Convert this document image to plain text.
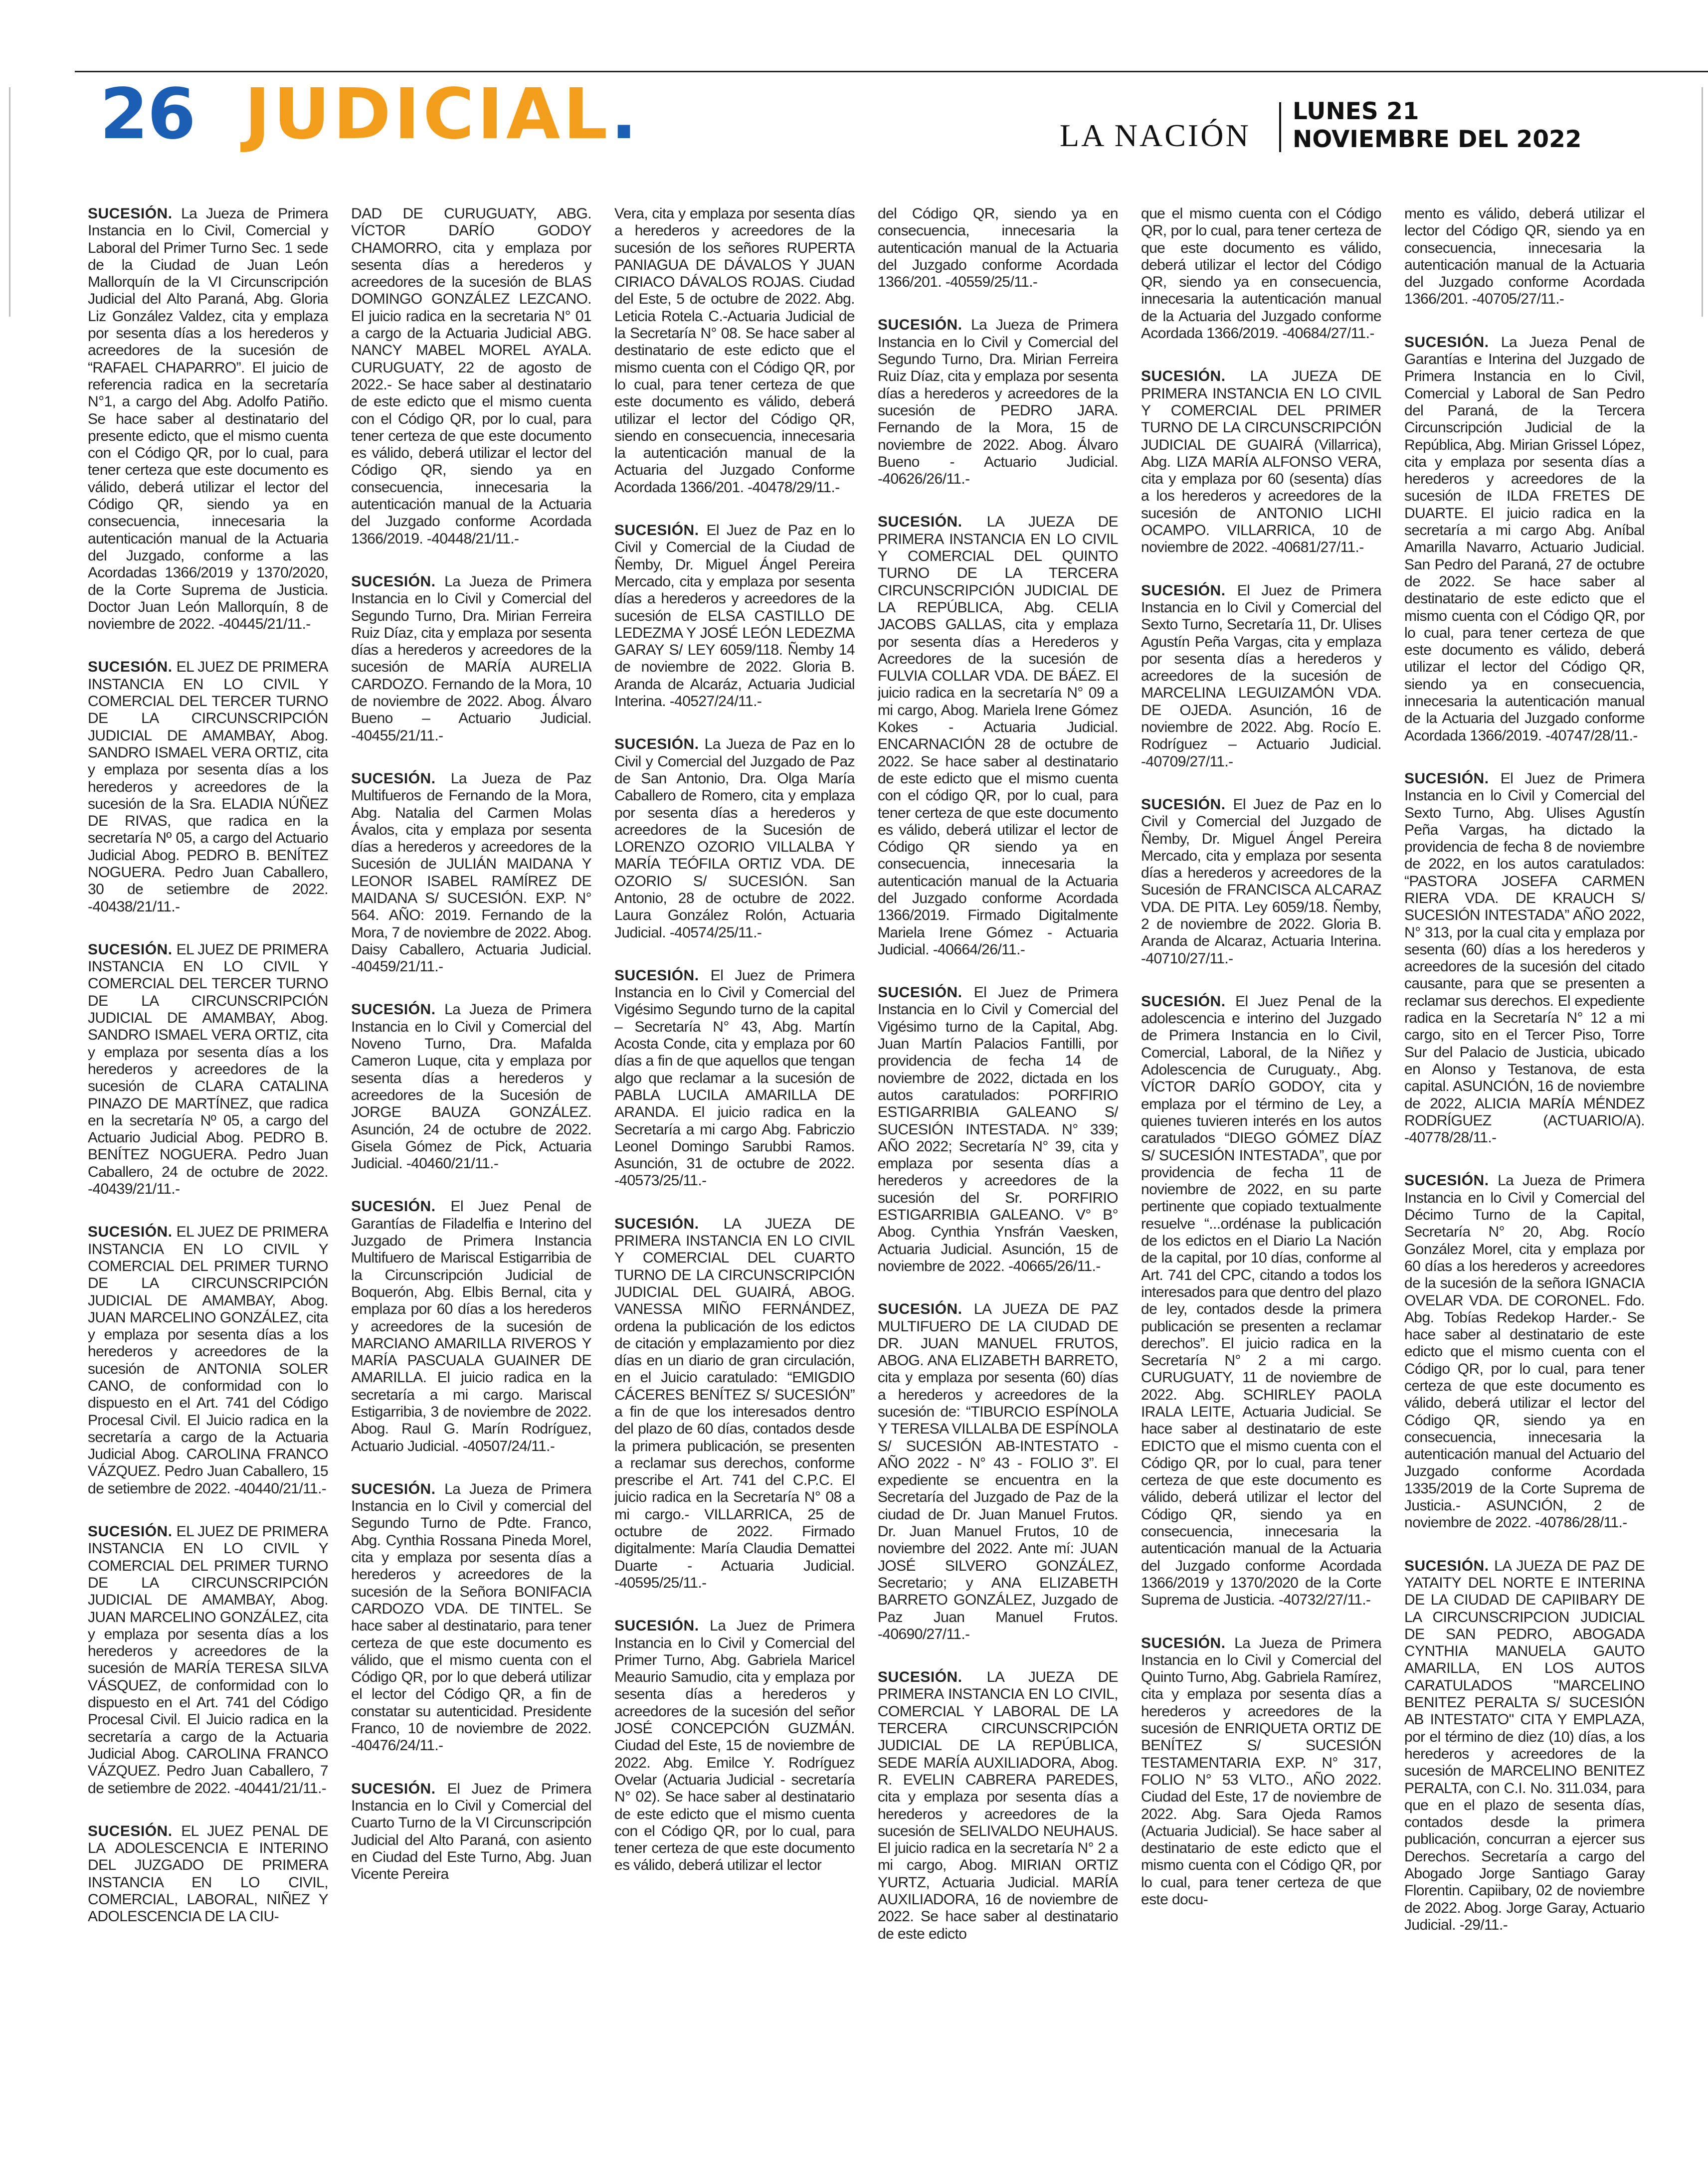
26 JUDICIAL.	LA NACIÓN
LUNES 21
NOVIEMBRE DEL 2022

SUCESIÓN. La Jueza de Primera Instancia en lo Civil, Comercial y Laboral del Primer Turno Sec. 1 sede de la Ciudad de Juan León Mallorquín de la VI Circunscripción Judicial del Alto Paraná, Abg. Gloria Liz González Valdez, cita y emplaza por sesenta días a los herederos y acreedores de la sucesión de “RAFAEL CHAPARRO”. El juicio de referencia radica en la secretaría N°1, a cargo del Abg. Adolfo Patiño. Se hace saber al destinatario del presente edicto, que el mismo cuenta con el Código QR, por lo cual, para tener certeza que este documento es válido, deberá utilizar el lector del Código QR, siendo ya en consecuencia, innecesaria la autenticación manual de la Actuaria del Juzgado, conforme a las Acordadas 1366/2019 y 1370/2020, de la Corte Suprema de Justicia. Doctor Juan León Mallorquín, 8 de noviembre de 2022. -40445/21/11.-

SUCESIÓN. EL JUEZ DE PRIMERA INSTANCIA EN LO CIVIL Y COMERCIAL DEL TERCER TURNO DE LA CIRCUNSCRIPCIÓN JUDICIAL DE AMAMBAY, Abog. SANDRO ISMAEL VERA ORTIZ, cita y emplaza por sesenta días a los herederos y acreedores de la sucesión de la Sra. ELADIA NÚÑEZ DE RIVAS, que radica en la secretaría Nº 05, a cargo del Actuario Judicial Abog. PEDRO B. BENÍTEZ NOGUERA. Pedro Juan Caballero, 30 de setiembre de 2022. -40438/21/11.-

SUCESIÓN. EL JUEZ DE PRIMERA INSTANCIA EN LO CIVIL Y COMERCIAL DEL TERCER TURNO DE LA CIRCUNSCRIPCIÓN JUDICIAL DE AMAMBAY, Abog. SANDRO ISMAEL VERA ORTIZ, cita y emplaza por sesenta días a los herederos y acreedores de la sucesión de CLARA CATALINA PINAZO DE MARTÍNEZ, que radica en la secretaría Nº 05, a cargo del Actuario Judicial Abog. PEDRO B. BENÍTEZ NOGUERA. Pedro Juan Caballero, 24 de octubre de 2022. -40439/21/11.-

SUCESIÓN. EL JUEZ DE PRIMERA INSTANCIA EN LO CIVIL Y COMERCIAL DEL PRIMER TURNO DE LA CIRCUNSCRIPCIÓN JUDICIAL DE AMAMBAY, Abog. JUAN MARCELINO GONZÁLEZ, cita y emplaza por sesenta días a los herederos y acreedores de la sucesión de ANTONIA SOLER CANO, de conformidad con lo dispuesto en el Art. 741 del Código Procesal Civil. El Juicio radica en la secretaría a cargo de la Actuaria Judicial Abog. CAROLINA FRANCO VÁZQUEZ. Pedro Juan Caballero, 15 de setiembre de 2022. -40440/21/11.-

SUCESIÓN. EL JUEZ DE PRIMERA INSTANCIA EN LO CIVIL Y COMERCIAL DEL PRIMER TURNO DE LA CIRCUNSCRIPCIÓN JUDICIAL DE AMAMBAY, Abog. JUAN MARCELINO GONZÁLEZ, cita y emplaza por sesenta días a los herederos y acreedores de la sucesión de MARÍA TERESA SILVA VÁSQUEZ, de conformidad con lo dispuesto en el Art. 741 del Código Procesal Civil. El Juicio radica en la secretaría a cargo de la Actuaria Judicial Abog. CAROLINA FRANCO VÁZQUEZ. Pedro Juan Caballero, 7 de setiembre de 2022. -40441/21/11.-

SUCESIÓN. EL JUEZ PENAL DE LA ADOLESCENCIA E INTERINO DEL JUZGADO DE PRIMERA INSTANCIA EN LO CIVIL, COMERCIAL, LABORAL, NIÑEZ Y ADOLESCENCIA DE LA CIU-

DAD DE CURUGUATY, ABG. VÍCTOR DARÍO GODOY CHAMORRO, cita y emplaza por sesenta días a herederos y acreedores de la sucesión de BLAS DOMINGO GONZÁLEZ LEZCANO. El juicio radica en la secretaria N° 01 a cargo de la Actuaria Judicial ABG. NANCY MABEL MOREL AYALA. CURUGUATY, 22 de agosto de 2022.- Se hace saber al destinatario de este edicto que el mismo cuenta con el Código QR, por lo cual, para tener certeza de que este documento es válido, deberá utilizar el lector del Código QR, siendo ya en consecuencia, innecesaria la autenticación manual de la Actuaria del Juzgado conforme Acordada 1366/2019. -40448/21/11.-

SUCESIÓN. La Jueza de Primera Instancia en lo Civil y Comercial del Segundo Turno, Dra. Mirian Ferreira Ruiz Díaz, cita y emplaza por sesenta días a herederos y acreedores de la sucesión de MARÍA AURELIA CARDOZO. Fernando de la Mora, 10 de noviembre de 2022. Abog. Álvaro Bueno – Actuario Judicial. -40455/21/11.-

SUCESIÓN. La Jueza de Paz Multifueros de Fernando de la Mora, Abg. Natalia del Carmen Molas Ávalos, cita y emplaza por sesenta días a herederos y acreedores de la Sucesión de JULIÁN MAIDANA Y LEONOR ISABEL RAMÍREZ DE MAIDANA S/ SUCESIÓN. EXP. N° 564. AÑO: 2019. Fernando de la Mora, 7 de noviembre de 2022. Abog. Daisy Caballero, Actuaria Judicial. -40459/21/11.-

SUCESIÓN. La Jueza de Primera Instancia en lo Civil y Comercial del Noveno Turno, Dra. Mafalda Cameron Luque, cita y emplaza por sesenta días a herederos y acreedores de la Sucesión de JORGE BAUZA GONZÁLEZ. Asunción, 24 de octubre de 2022. Gisela Gómez de Pick, Actuaria Judicial. -40460/21/11.-

SUCESIÓN. El Juez Penal de Garantías de Filadelfia e Interino del Juzgado de Primera Instancia Multifuero de Mariscal Estigarribia de la Circunscripción Judicial de Boquerón, Abg. Elbis Bernal, cita y emplaza por 60 días a los herederos y acreedores de la sucesión de MARCIANO AMARILLA RIVEROS Y MARÍA PASCUALA GUAINER DE AMARILLA. El juicio radica en la secretaría a mi cargo. Mariscal Estigarribia, 3 de noviembre de 2022. Abog. Raul G. Marín Rodríguez, Actuario Judicial. -40507/24/11.-

SUCESIÓN. La Jueza de Primera Instancia en lo Civil y comercial del Segundo Turno de Pdte. Franco, Abg. Cynthia Rossana Pineda Morel, cita y emplaza por sesenta días a herederos y acreedores de la sucesión de la Señora BONIFACIA CARDOZO VDA. DE TINTEL. Se hace saber al destinatario, para tener certeza de que este documento es válido, que el mismo cuenta con el Código QR, por lo que deberá utilizar el lector del Código QR, a fin de constatar su autenticidad. Presidente Franco, 10 de noviembre de 2022. -40476/24/11.-

SUCESIÓN. El Juez de Primera Instancia en lo Civil y Comercial del Cuarto Turno de la VI Circunscripción Judicial del Alto Paraná, con asiento en Ciudad del Este Turno, Abg. Juan Vicente Pereira

Vera, cita y emplaza por sesenta días a herederos y acreedores de la sucesión de los señores RUPERTA PANIAGUA DE DÁVALOS Y JUAN CIRIACO DÁVALOS ROJAS. Ciudad del Este, 5 de octubre de 2022. Abg. Leticia Rotela C.-Actuaria Judicial de la Secretaría N° 08. Se hace saber al destinatario de este edicto que el mismo cuenta con el Código QR, por lo cual, para tener certeza de que este documento es válido, deberá utilizar el lector del Código QR, siendo en consecuencia, innecesaria la autenticación manual de la Actuaria del Juzgado Conforme Acordada 1366/201. -40478/29/11.-

SUCESIÓN. El Juez de Paz en lo Civil y Comercial de la Ciudad de Ñemby, Dr. Miguel Ángel Pereira Mercado, cita y emplaza por sesenta días a herederos y acreedores de la sucesión de ELSA CASTILLO DE LEDEZMA Y JOSÉ LEÓN LEDEZMA GARAY S/ LEY 6059/118. Ñemby 14 de noviembre de 2022. Gloria B. Aranda de Alcaráz, Actuaria Judicial Interina. -40527/24/11.-

SUCESIÓN. La Jueza de Paz en lo Civil y Comercial del Juzgado de Paz de San Antonio, Dra. Olga María Caballero de Romero, cita y emplaza por sesenta días a herederos y acreedores de la Sucesión de LORENZO OZORIO VILLALBA Y MARÍA TEÓFILA ORTIZ VDA. DE OZORIO S/ SUCESIÓN. San Antonio, 28 de octubre de 2022. Laura González Rolón, Actuaria Judicial. -40574/25/11.-

SUCESIÓN. El Juez de Primera Instancia en lo Civil y Comercial del Vigésimo Segundo turno de la capital – Secretaría N° 43, Abg. Martín Acosta Conde, cita y emplaza por 60 días a fin de que aquellos que tengan algo que reclamar a la sucesión de PABLA LUCILA AMARILLA DE ARANDA. El juicio radica en la Secretaría a mi cargo Abg. Fabriczio Leonel Domingo Sarubbi Ramos. Asunción, 31 de octubre de 2022. -40573/25/11.-

SUCESIÓN. LA JUEZA DE PRIMERA INSTANCIA EN LO CIVIL Y COMERCIAL DEL CUARTO TURNO DE LA CIRCUNSCRIPCIÓN JUDICIAL DEL GUAIRÁ, ABOG. VANESSA MIÑO FERNÁNDEZ, ordena la publicación de los edictos de citación y emplazamiento por diez días en un diario de gran circulación, en el Juicio caratulado: “EMIGDIO CÁCERES BENÍTEZ S/ SUCESIÓN” a fin de que los interesados dentro del plazo de 60 días, contados desde la primera publicación, se presenten a reclamar sus derechos, conforme prescribe el Art. 741 del C.P.C. El juicio radica en la Secretaría N° 08 a mi cargo.- VILLARRICA, 25 de octubre de 2022. Firmado digitalmente: María Claudia Demattei Duarte - Actuaria Judicial. -40595/25/11.-

SUCESIÓN. La Juez de Primera Instancia en lo Civil y Comercial del Primer Turno, Abg. Gabriela Maricel Meaurio Samudio, cita y emplaza por sesenta días a herederos y acreedores de la sucesión del señor JOSÉ CONCEPCIÓN GUZMÁN. Ciudad del Este, 15 de noviembre de 2022. Abg. Emilce Y. Rodríguez Ovelar (Actuaria Judicial - secretaría N° 02). Se hace saber al destinatario de este edicto que el mismo cuenta con el Código QR, por lo cual, para tener certeza de que este documento es válido, deberá utilizar el lector

del Código QR, siendo ya en consecuencia, innecesaria la autenticación manual de la Actuaria del Juzgado conforme Acordada 1366/201. -40559/25/11.-

SUCESIÓN. La Jueza de Primera Instancia en lo Civil y Comercial del Segundo Turno, Dra. Mirian Ferreira Ruiz Díaz, cita y emplaza por sesenta días a herederos y acreedores de la sucesión de PEDRO JARA. Fernando de la Mora, 15 de noviembre de 2022. Abog. Álvaro Bueno - Actuario Judicial. -40626/26/11.-

SUCESIÓN. LA JUEZA DE PRIMERA INSTANCIA EN LO CIVIL Y COMERCIAL DEL QUINTO TURNO DE LA TERCERA CIRCUNSCRIPCIÓN JUDICIAL DE LA REPÚBLICA, Abg. CELIA JACOBS GALLAS, cita y emplaza por sesenta días a Herederos y Acreedores de la sucesión de FULVIA COLLAR VDA. DE BÁEZ. El juicio radica en la secretaría N° 09 a mi cargo, Abog. Mariela Irene Gómez Kokes - Actuaria Judicial. ENCARNACIÓN 28 de octubre de 2022. Se hace saber al destinatario de este edicto que el mismo cuenta con el código QR, por lo cual, para tener certeza de que este documento es válido, deberá utilizar el lector de Código QR siendo ya en consecuencia, innecesaria la autenticación manual de la Actuaria del Juzgado conforme Acordada 1366/2019. Firmado Digitalmente Mariela Irene Gómez - Actuaria Judicial. -40664/26/11.-

SUCESIÓN. El Juez de Primera Instancia en lo Civil y Comercial del Vigésimo turno de la Capital, Abg. Juan Martín Palacios Fantilli, por providencia de fecha 14 de noviembre de 2022, dictada en los autos caratulados: PORFIRIO ESTIGARRIBIA GALEANO S/ SUCESIÓN INTESTADA. N° 339; AÑO 2022; Secretaría N° 39, cita y emplaza por sesenta días a herederos y acreedores de la sucesión del Sr. PORFIRIO ESTIGARRIBIA GALEANO. V° B° Abog. Cynthia Ynsfrán Vaesken, Actuaria Judicial. Asunción, 15 de noviembre de 2022. -40665/26/11.-

SUCESIÓN. LA JUEZA DE PAZ MULTIFUERO DE LA CIUDAD DE DR. JUAN MANUEL FRUTOS, ABOG. ANA ELIZABETH BARRETO, cita y emplaza por sesenta (60) días a herederos y acreedores de la sucesión de: “TIBURCIO ESPÍNOLA Y TERESA VILLALBA DE ESPÍNOLA S/ SUCESIÓN AB-INTESTATO - AÑO 2022 - N° 43 - FOLIO 3”. El expediente se encuentra en la Secretaría del Juzgado de Paz de la ciudad de Dr. Juan Manuel Frutos. Dr. Juan Manuel Frutos, 10 de noviembre del 2022. Ante mí: JUAN JOSÉ SILVERO GONZÁLEZ, Secretario; y ANA ELIZABETH BARRETO GONZÁLEZ, Juzgado de Paz Juan Manuel Frutos. -40690/27/11.-

SUCESIÓN. LA JUEZA DE PRIMERA INSTANCIA EN LO CIVIL, COMERCIAL Y LABORAL DE LA TERCERA CIRCUNSCRIPCIÓN JUDICIAL DE LA REPÚBLICA, SEDE MARÍA AUXILIADORA, Abog. R. EVELIN CABRERA PAREDES, cita y emplaza por sesenta días a herederos y acreedores de la sucesión de SELIVALDO NEUHAUS. El juicio radica en la secretaría N° 2 a mi cargo, Abog. MIRIAN ORTIZ YURTZ, Actuaria Judicial. MARÍA AUXILIADORA, 16 de noviembre de 2022. Se hace saber al destinatario de este edicto

que el mismo cuenta con el Código QR, por lo cual, para tener certeza de que este documento es válido, deberá utilizar el lector del Código QR, siendo ya en consecuencia, innecesaria la autenticación manual de la Actuaria del Juzgado conforme Acordada 1366/2019. -40684/27/11.-

SUCESIÓN. LA JUEZA DE PRIMERA INSTANCIA EN LO CIVIL Y COMERCIAL DEL PRIMER TURNO DE LA CIRCUNSCRIPCIÓN JUDICIAL DE GUAIRÁ (Villarrica), Abg. LIZA MARÍA ALFONSO VERA, cita y emplaza por 60 (sesenta) días a los herederos y acreedores de la sucesión de ANTONIO LICHI OCAMPO. VILLARRICA, 10 de noviembre de 2022. -40681/27/11.-

SUCESIÓN. El Juez de Primera Instancia en lo Civil y Comercial del Sexto Turno, Secretaría 11, Dr. Ulises Agustín Peña Vargas, cita y emplaza por sesenta días a herederos y acreedores de la sucesión de MARCELINA LEGUIZAMÓN VDA. DE OJEDA. Asunción, 16 de noviembre de 2022. Abg. Rocío E. Rodríguez – Actuario Judicial. -40709/27/11.-

SUCESIÓN. El Juez de Paz en lo Civil y Comercial del Juzgado de Ñemby, Dr. Miguel Ángel Pereira Mercado, cita y emplaza por sesenta días a herederos y acreedores de la Sucesión de FRANCISCA ALCARAZ VDA. DE PITA. Ley 6059/18. Ñemby, 2 de noviembre de 2022. Gloria B. Aranda de Alcaraz, Actuaria Interina. -40710/27/11.-

SUCESIÓN. El Juez Penal de la adolescencia e interino del Juzgado de Primera Instancia en lo Civil, Comercial, Laboral, de la Niñez y Adolescencia de Curuguaty., Abg. VÍCTOR DARÍO GODOY, cita y emplaza por el término de Ley, a quienes tuvieren interés en los autos caratulados “DIEGO GÓMEZ DÍAZ S/ SUCESIÓN INTESTADA”, que por providencia de fecha 11 de noviembre de 2022, en su parte pertinente que copiado textualmente resuelve “...ordénase la publicación de los edictos en el Diario La Nación de la capital, por 10 días, conforme al Art. 741 del CPC, citando a todos los interesados para que dentro del plazo de ley, contados desde la primera publicación se presenten a reclamar derechos”. El juicio radica en la Secretaría N° 2 a mi cargo. CURUGUATY, 11 de noviembre de 2022. Abg. SCHIRLEY PAOLA IRALA LEITE, Actuaria Judicial. Se hace saber al destinatario de este EDICTO que el mismo cuenta con el Código QR, por lo cual, para tener certeza de que este documento es válido, deberá utilizar el lector del Código QR, siendo ya en consecuencia, innecesaria la autenticación manual de la Actuaria del Juzgado conforme Acordada 1366/2019 y 1370/2020 de la Corte Suprema de Justicia. -40732/27/11.-

SUCESIÓN. La Jueza de Primera Instancia en lo Civil y Comercial del Quinto Turno, Abg. Gabriela Ramírez, cita y emplaza por sesenta días a herederos y acreedores de la sucesión de ENRIQUETA ORTIZ DE BENÍTEZ S/ SUCESIÓN TESTAMENTARIA EXP. N° 317, FOLIO N° 53 VLTO., AÑO 2022. Ciudad del Este, 17 de noviembre de 2022. Abg. Sara Ojeda Ramos (Actuaria Judicial). Se hace saber al destinatario de este edicto que el mismo cuenta con el Código QR, por lo cual, para tener certeza de que este docu-

mento es válido, deberá utilizar el lector del Código QR, siendo ya en consecuencia, innecesaria la autenticación manual de la Actuaria del Juzgado conforme Acordada 1366/201. -40705/27/11.-

SUCESIÓN. La Jueza Penal de Garantías e Interina del Juzgado de Primera Instancia en lo Civil, Comercial y Laboral de San Pedro del Paraná, de la Tercera Circunscripción Judicial de la República, Abg. Mirian Grissel López, cita y emplaza por sesenta días a herederos y acreedores de la sucesión de ILDA FRETES DE DUARTE. El juicio radica en la secretaría a mi cargo Abg. Aníbal Amarilla Navarro, Actuario Judicial. San Pedro del Paraná, 27 de octubre de 2022. Se hace saber al destinatario de este edicto que el mismo cuenta con el Código QR, por lo cual, para tener certeza de que este documento es válido, deberá utilizar el lector del Código QR, siendo ya en consecuencia, innecesaria la autenticación manual de la Actuaria del Juzgado conforme Acordada 1366/2019. -40747/28/11.-

SUCESIÓN. El Juez de Primera Instancia en lo Civil y Comercial del Sexto Turno, Abg. Ulises Agustín Peña Vargas, ha dictado la providencia de fecha 8 de noviembre de 2022, en los autos caratulados: “PASTORA JOSEFA CARMEN RIERA VDA. DE KRAUCH S/ SUCESIÓN INTESTADA” AÑO 2022, N° 313, por la cual cita y emplaza por sesenta (60) días a los herederos y acreedores de la sucesión del citado causante, para que se presenten a reclamar sus derechos. El expediente radica en la Secretaría N° 12 a mi cargo, sito en el Tercer Piso, Torre Sur del Palacio de Justicia, ubicado en Alonso y Testanova, de esta capital. ASUNCIÓN, 16 de noviembre de 2022, ALICIA MARÍA MÉNDEZ RODRÍGUEZ (ACTUARIO/A). -40778/28/11.-

SUCESIÓN. La Jueza de Primera Instancia en lo Civil y Comercial del Décimo Turno de la Capital, Secretaría N° 20, Abg. Rocío González Morel, cita y emplaza por 60 días a los herederos y acreedores de la sucesión de la señora IGNACIA OVELAR VDA. DE CORONEL. Fdo. Abg. Tobías Redekop Harder.- Se hace saber al destinatario de este edicto que el mismo cuenta con el Código QR, por lo cual, para tener certeza de que este documento es válido, deberá utilizar el lector del Código QR, siendo ya en consecuencia, innecesaria la autenticación manual del Actuario del Juzgado conforme Acordada 1335/2019 de la Corte Suprema de Justicia.- ASUNCIÓN, 2 de noviembre de 2022. -40786/28/11.-

SUCESIÓN. LA JUEZA DE PAZ DE YATAITY DEL NORTE E INTERINA DE LA CIUDAD DE CAPIIBARY DE LA CIRCUNSCRIPCION JUDICIAL DE SAN PEDRO, ABOGADA CYNTHIA MANUELA GAUTO AMARILLA, EN LOS AUTOS CARATULADOS "MARCELINO BENITEZ PERALTA S/ SUCESIÓN AB INTESTATO" CITA Y EMPLAZA, por el término de diez (10) días, a los herederos y acreedores de la sucesión de MARCELINO BENITEZ PERALTA, con C.I. No. 311.034, para que en el plazo de sesenta días, contados desde la primera publicación, concurran a ejercer sus Derechos. Secretaría a cargo del Abogado Jorge Santiago Garay Florentin. Capiibary, 02 de noviembre de 2022. Abog. Jorge Garay, Actuario Judicial. -29/11.-
